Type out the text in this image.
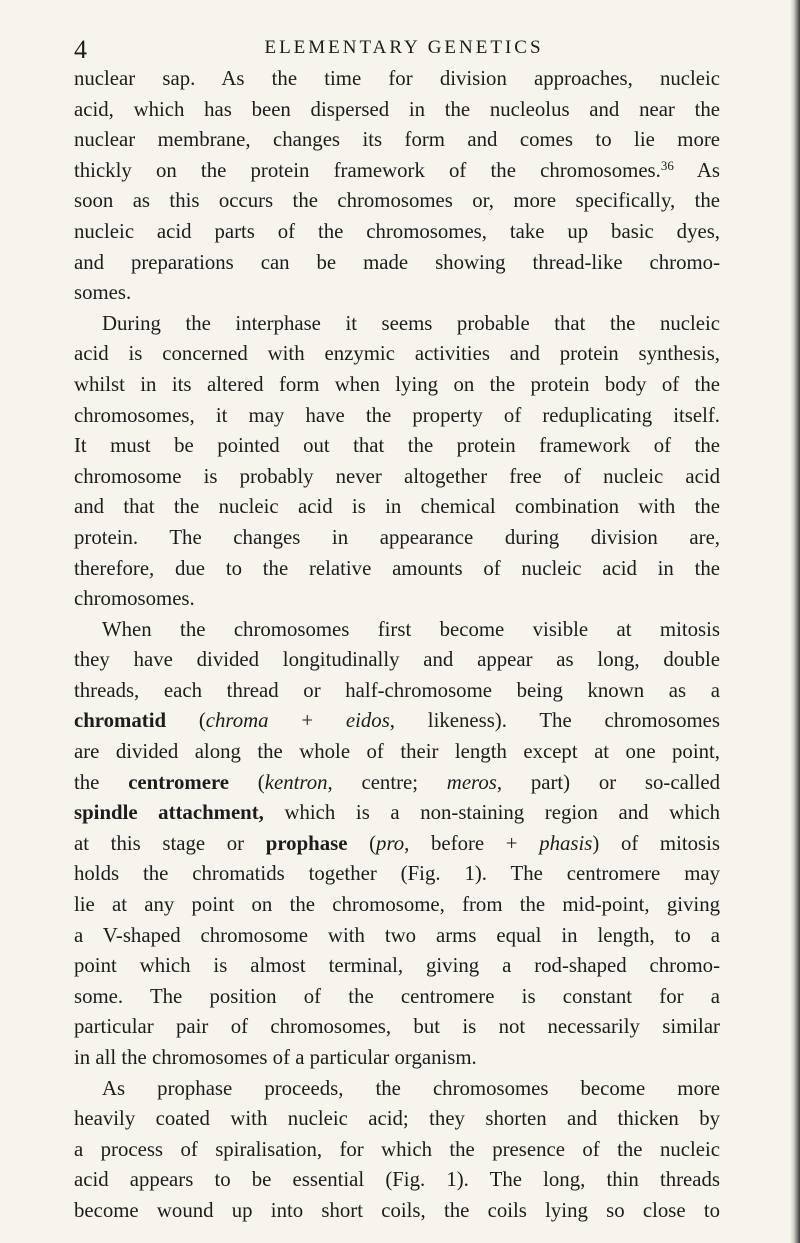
4	ELEMENTARY GENETICS
nuclear sap. As the time for division approaches, nucleic
acid, which has been dispersed in the nucleolus and near the
nuclear membrane, changes its form and comes to lie more
thickly on the protein framework of the chromosomes.$^{36}$ As
soon as this occurs the chromosomes or, more specifically, the
nucleic acid parts of the chromosomes, take up basic dyes,
and preparations can be made showing thread-like chromo-
somes.
During the interphase it seems probable that the nucleic
acid is concerned with enzymic activities and protein synthesis,
whilst in its altered form when lying on the protein body of the
chromosomes, it may have the property of reduplicating itself.
It must be pointed out that the protein framework of the
chromosome is probably never altogether free of nucleic acid
and that the nucleic acid is in chemical combination with the
protein. The changes in appearance during division are,
therefore, due to the relative amounts of nucleic acid in the
chromosomes.
When the chromosomes first become visible at mitosis
they have divided longitudinally and appear as long, double
threads, each thread or half-chromosome being known as a
chromatid (chroma + eidos, likeness). The chromosomes
are divided along the whole of their length except at one point,
the centromere (kentron, centre; meros, part) or so-called
spindle attachment, which is a non-staining region and which
at this stage or prophase (pro, before + phasis) of mitosis
holds the chromatids together (Fig. 1). The centromere may
lie at any point on the chromosome, from the mid-point, giving
a V-shaped chromosome with two arms equal in length, to a
point which is almost terminal, giving a rod-shaped chromo-
some. The position of the centromere is constant for a
particular pair of chromosomes, but is not necessarily similar
in all the chromosomes of a particular organism.
As prophase proceeds, the chromosomes become more
heavily coated with nucleic acid; they shorten and thicken by
a process of spiralisation, for which the presence of the nucleic
acid appears to be essential (Fig. 1). The long, thin threads
become wound up into short coils, the coils lying so close to
